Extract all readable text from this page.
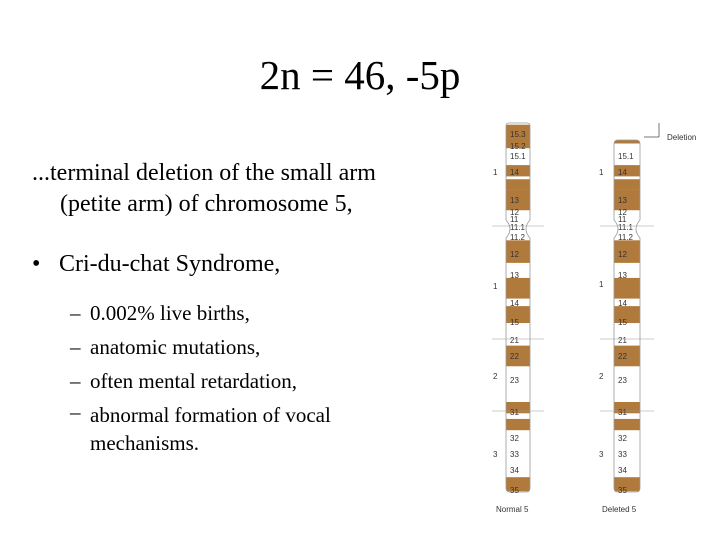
2n = 46, -5p
...terminal deletion of the small arm
(petite arm) of chromosome 5,
• Cri-du-chat Syndrome,
– 0.002% live births,
– anatomic mutations,
– often mental retardation,
– abnormal formation of vocal mechanisms.
15.3
15.2
15.1
14
13
12
11
11.1
11.2
12
13
14
15
21
22
23
31
32
33
34
35
15.1
14
13
12
11
11.1
11.2
12
13
14
15
21
22
23
31
32
33
34
35
1
1
2
3
1
1
2
3
Deletion
Normal 5	Deleted 5
